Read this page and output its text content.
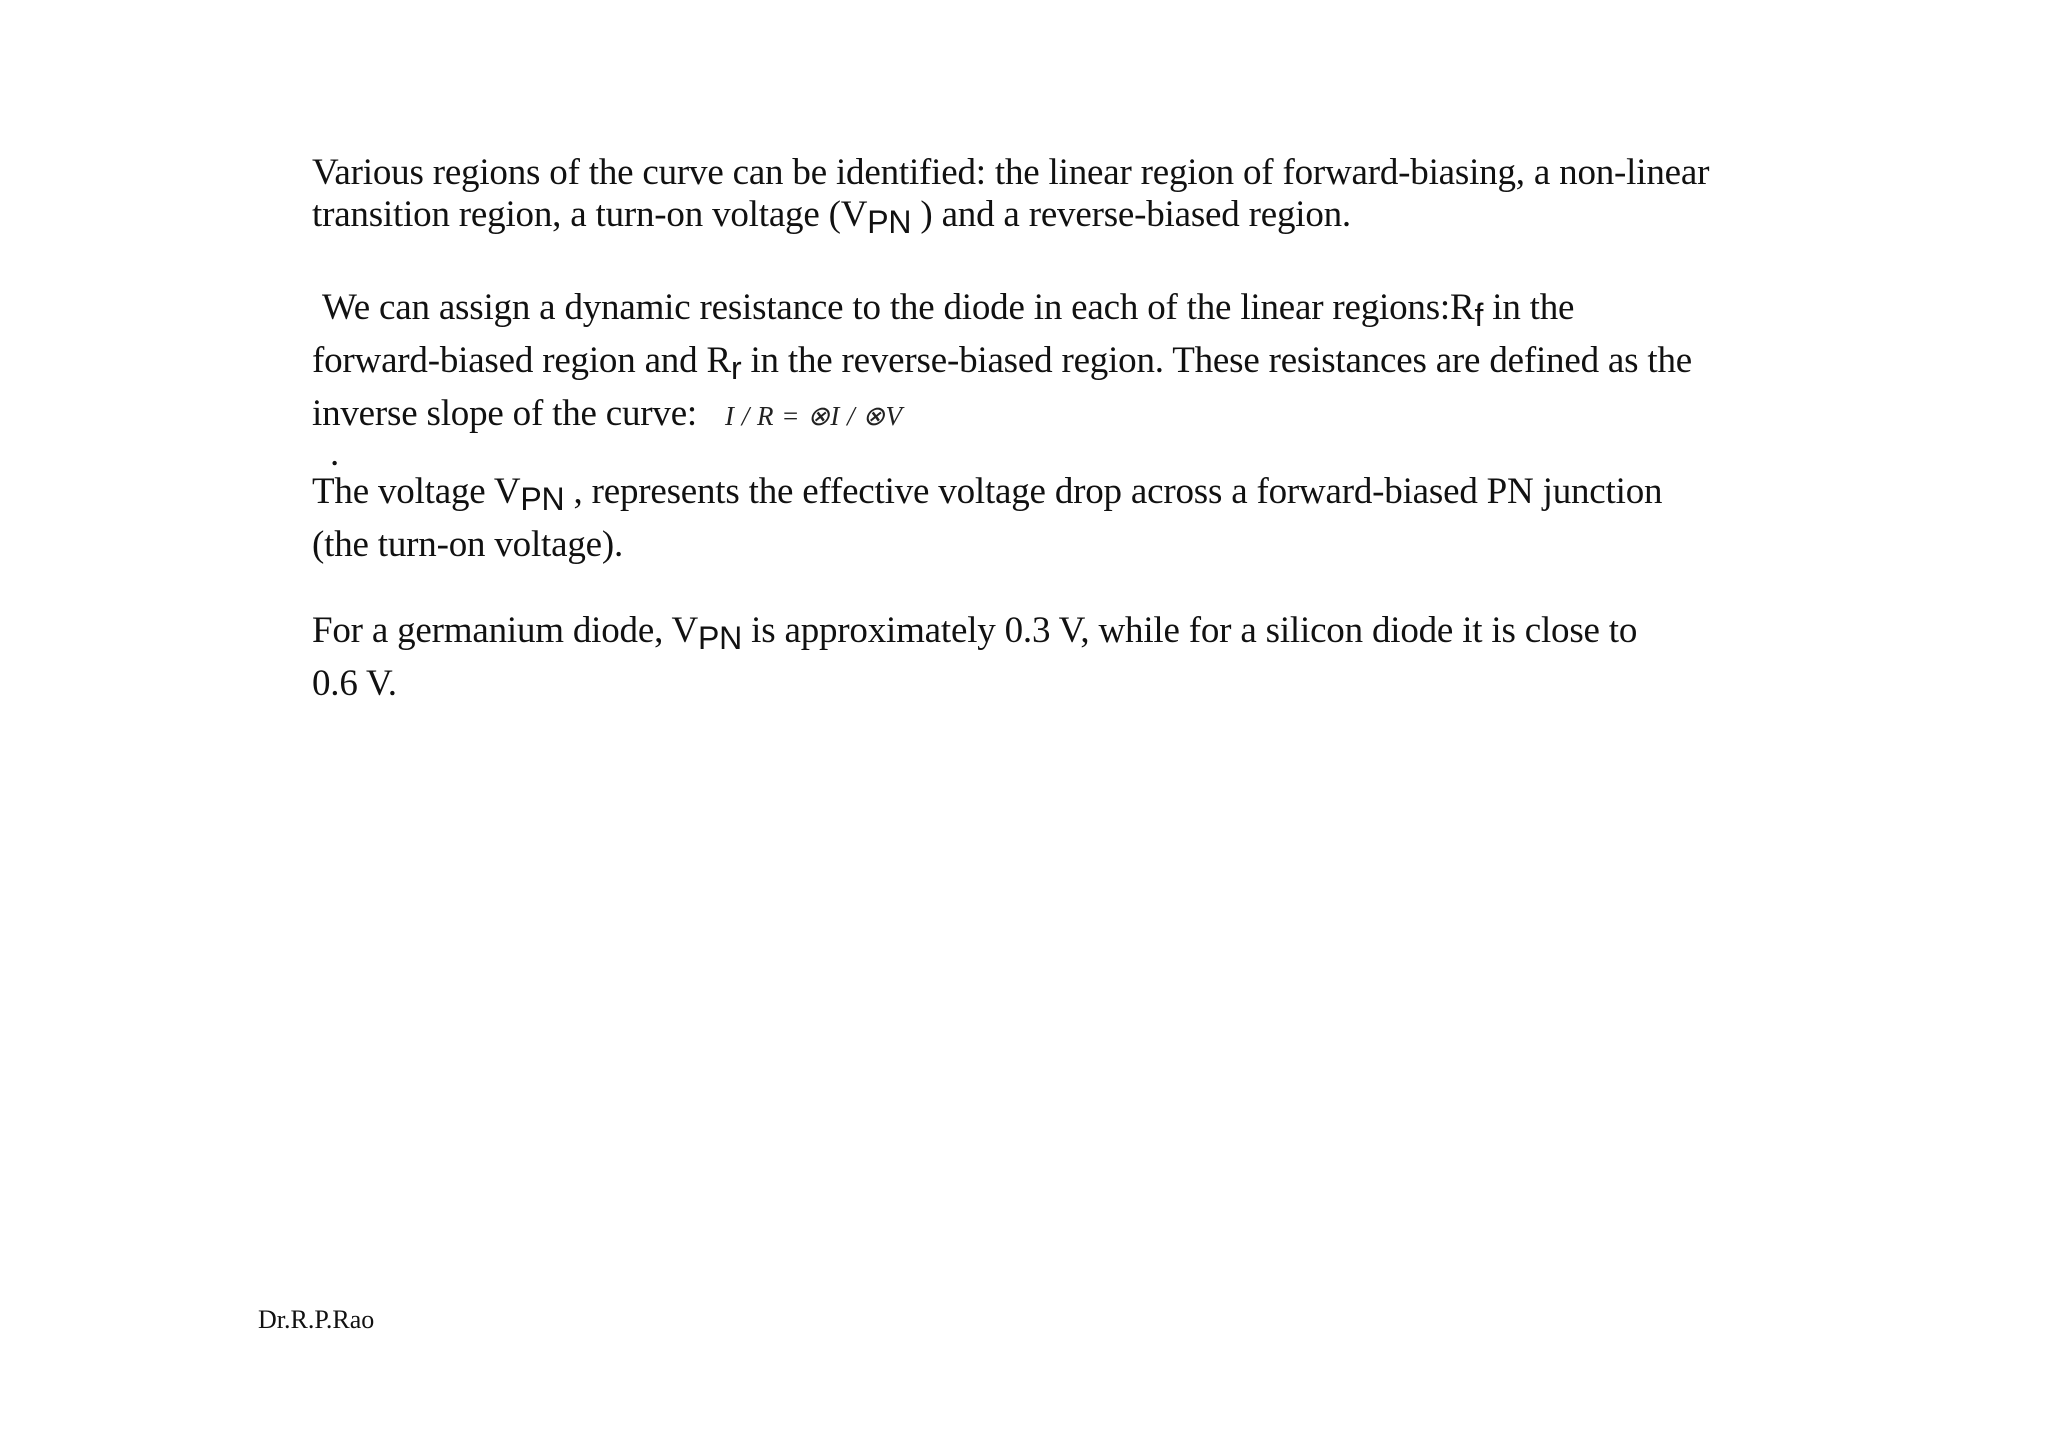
Various regions of the curve can be identified: the linear region of forward-biasing, a non-linear
transition region, a turn-on voltage (VPN ) and a reverse-biased region.

We can assign a dynamic resistance to the diode in each of the linear regions:Rf in the
forward-biased region and Rr in the reverse-biased region. These resistances are defined as the
inverse slope of the curve: I / R = ⊗I / ⊗V
.

The voltage VPN , represents the effective voltage drop across a forward-biased PN junction
(the turn-on voltage).

For a germanium diode, VPN is approximately 0.3 V, while for a silicon diode it is close to
0.6 V.

Dr.R.P.Rao
